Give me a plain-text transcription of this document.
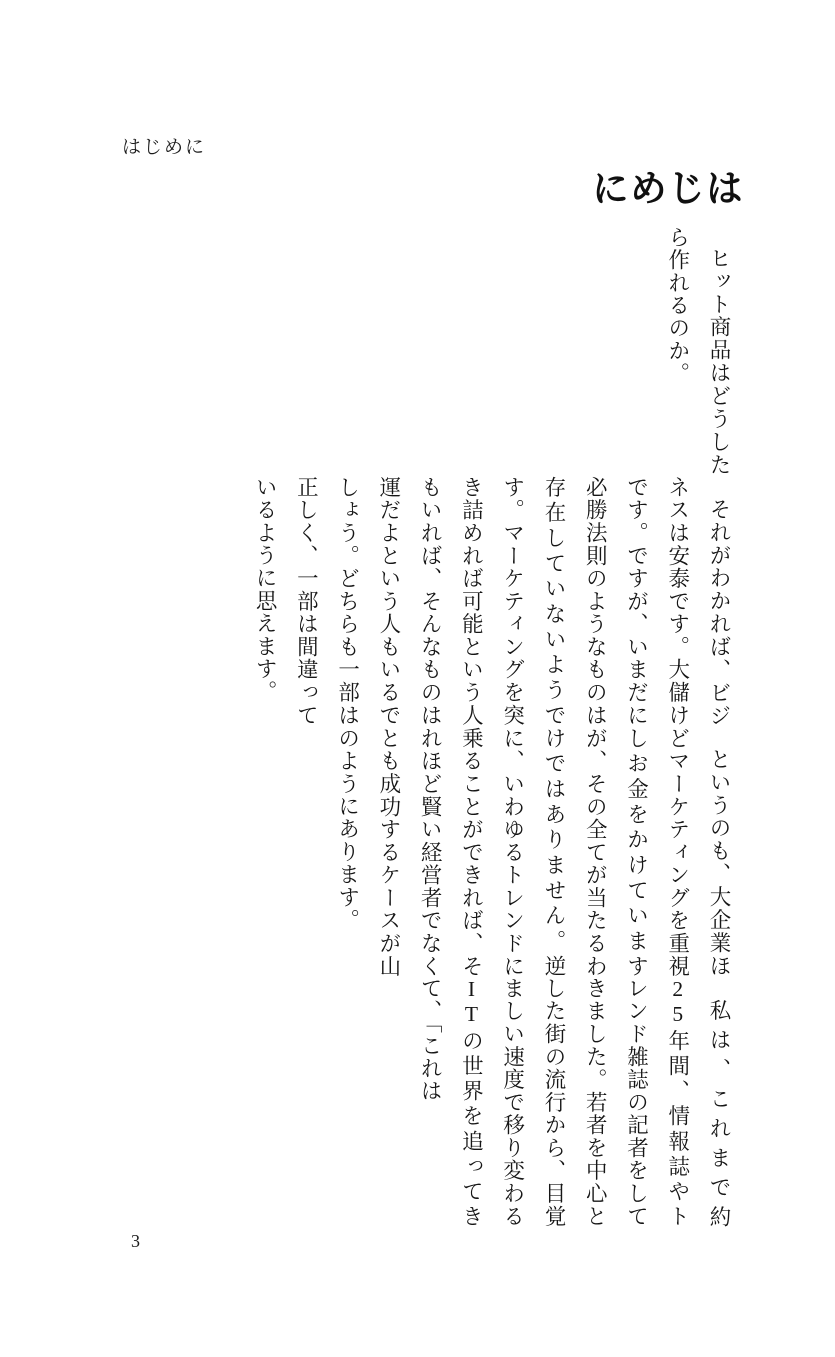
はじめに
はじめに

ヒット商品はどうしたら作れるのか。

それがわかれば、ビジネスは安泰です。大儲けです。ですが、いまだに必勝法則のようなものは存在していないようです。マーケティングを突き詰めれば可能という人もいれば、そんなものは運だよという人もいるでしょう。どちらも一部は正しく、一部は間違っているように思えます。

というのも、大企業ほどマーケティングを重視しお金をかけていますが、その全てが当たるわけではありません。逆に、いわゆるトレンドに乗ることができれば、それほど賢い経営者でなくとも成功するケースが山のようにあります。

私は、これまで約25年間、情報誌やトレンド雑誌の記者をしてきました。若者を中心とした街の流行から、目覚ましい速度で移り変わるITの世界を追ってきて、「これは

3
